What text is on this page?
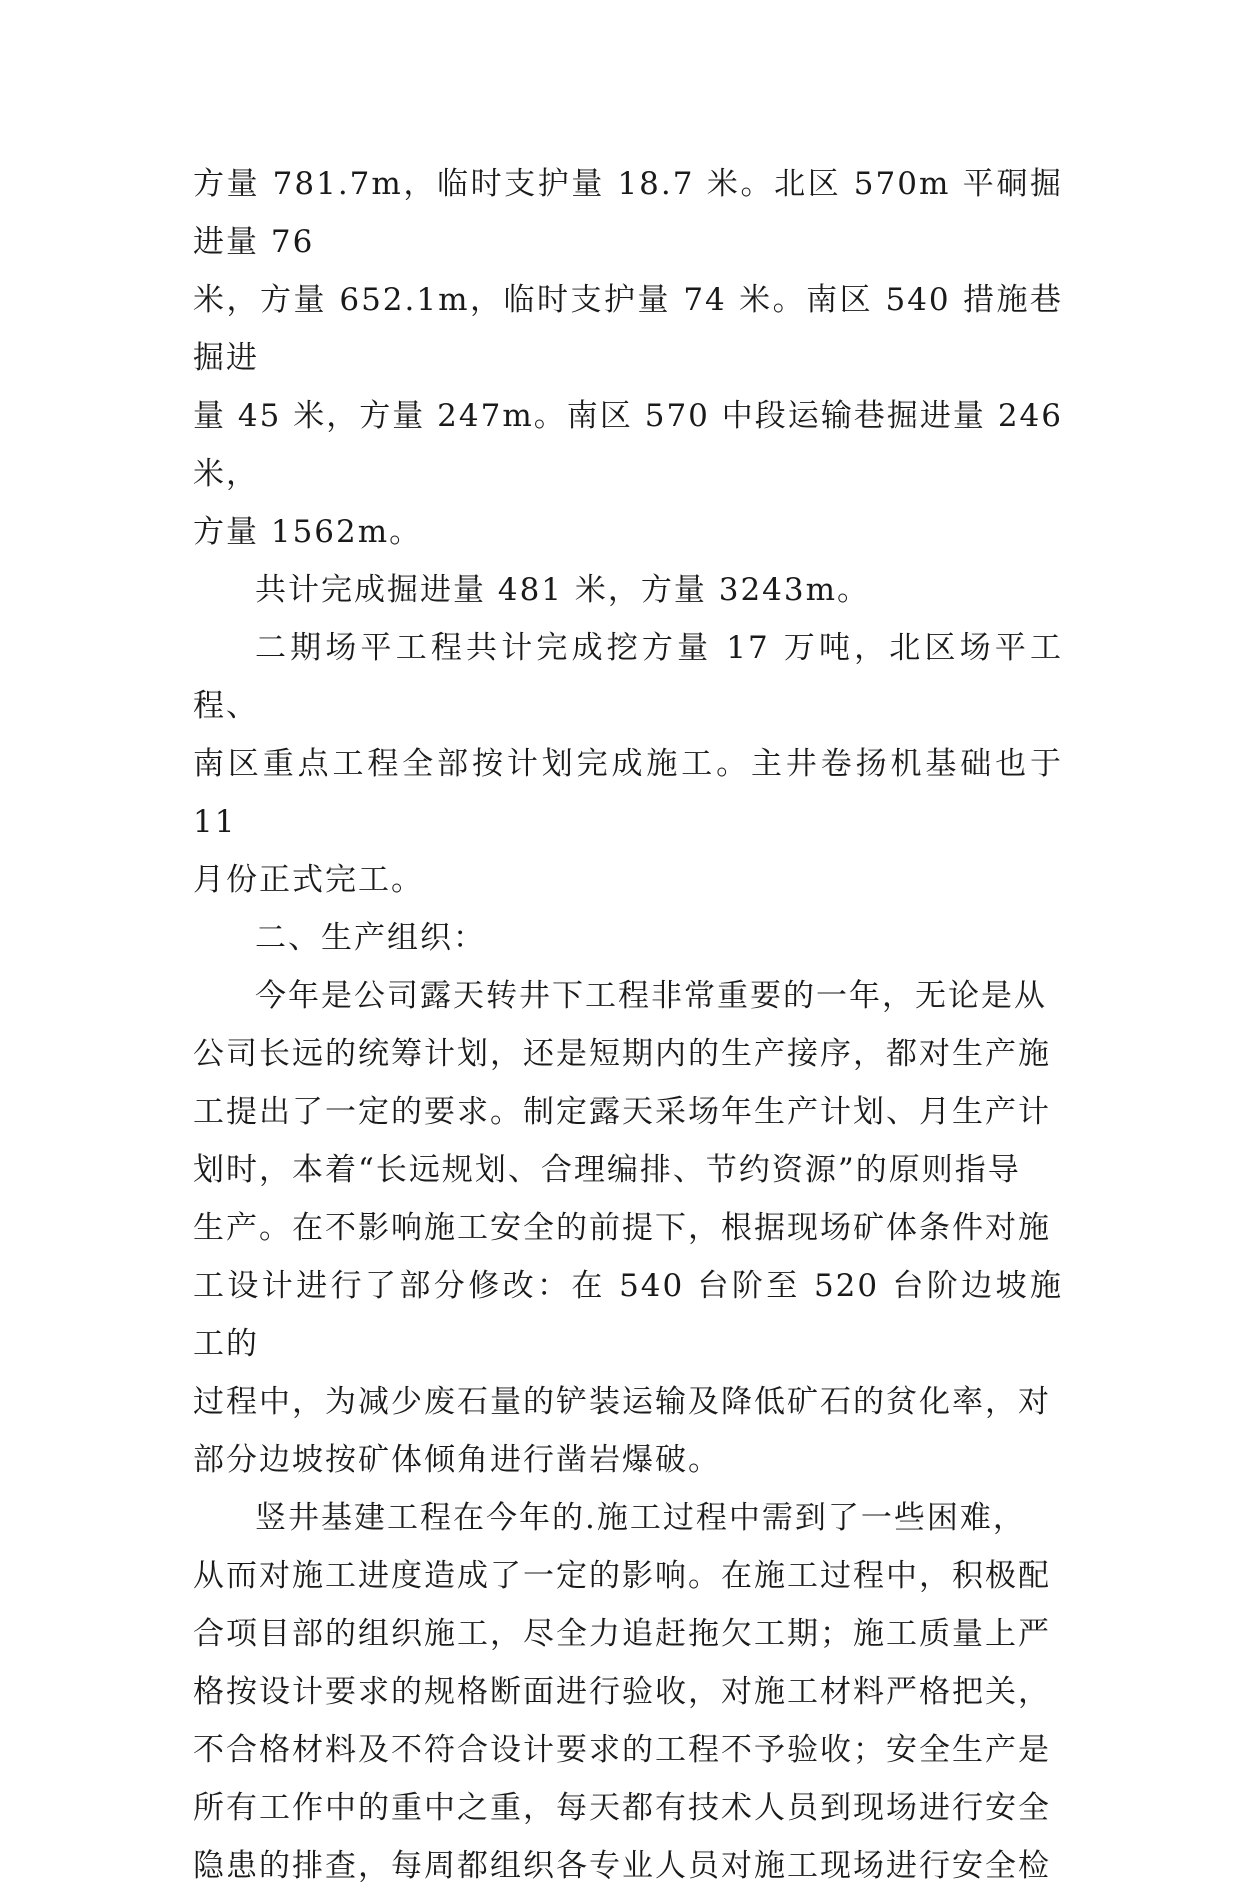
方量 781.7m，临时支护量 18.7 米。北区 570m 平硐掘进量 76
米，方量 652.1m，临时支护量 74 米。南区 540 措施巷掘进
量 45 米，方量 247m。南区 570 中段运输巷掘进量 246 米，
方量 1562m。
共计完成掘进量 481 米，方量 3243m。
二期场平工程共计完成挖方量 17 万吨，北区场平工程、
南区重点工程全部按计划完成施工。主井卷扬机基础也于 11
月份正式完工。
二、生产组织：
今年是公司露天转井下工程非常重要的一年，无论是从
公司长远的统筹计划，还是短期内的生产接序，都对生产施
工提出了一定的要求。制定露天采场年生产计划、月生产计
划时，本着“长远规划、合理编排、节约资源”的原则指导
生产。在不影响施工安全的前提下，根据现场矿体条件对施
工设计进行了部分修改：在 540 台阶至 520 台阶边坡施工的
过程中，为减少废石量的铲装运输及降低矿石的贫化率，对
部分边坡按矿体倾角进行凿岩爆破。
竖井基建工程在今年的.施工过程中需到了一些困难，
从而对施工进度造成了一定的影响。在施工过程中，积极配
合项目部的组织施工，尽全力追赶拖欠工期；施工质量上严
格按设计要求的规格断面进行验收，对施工材料严格把关，
不合格材料及不符合设计要求的工程不予验收；安全生产是
所有工作中的重中之重，每天都有技术人员到现场进行安全
隐患的排查，每周都组织各专业人员对施工现场进行安全检
